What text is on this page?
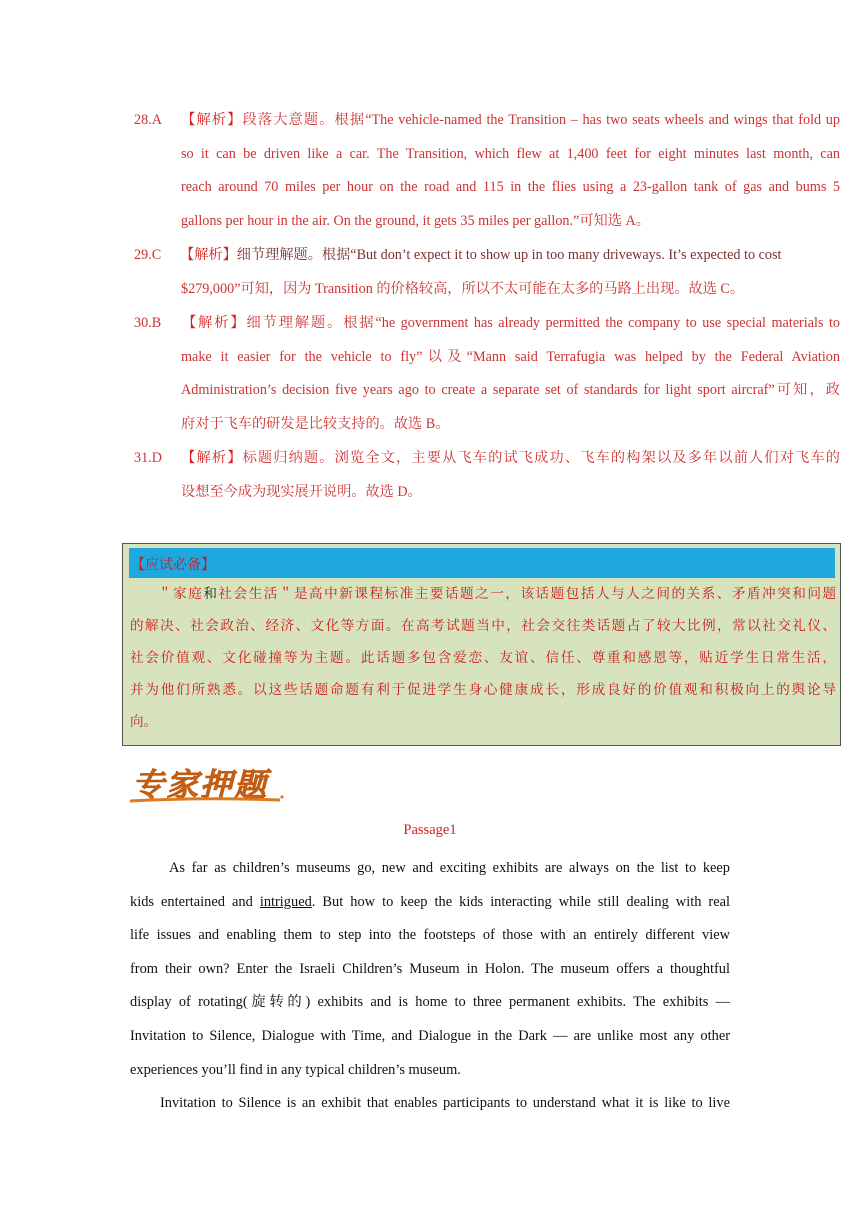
28.A 【解析】段落大意题。根据“The vehicle-named the Transition – has two seats wheels and wings that fold up
so it can be driven like a car. The Transition, which flew at 1,400 feet for eight minutes last month, can
reach around 70 miles per hour on the road and 115 in the flies using a 23-gallon tank of gas and bums 5
gallons per hour in the air. On the ground, it gets 35 miles per gallon.”可知选 A。
29.C 【解析】细节理解题。根据“But don’t expect it to show up in too many driveways. It’s expected to cost
$279,000”可知，因为 Transition 的价格较高，所以不太可能在太多的马路上出现。故选 C。
30.B 【解析】细节理解题。根据“he government has already permitted the company to use special materials to
make it easier for the vehicle to fly”以及“Mann said Terrafugia was helped by the Federal Aviation
Administration’s decision five years ago to create a separate set of standards for light sport aircraf”可知，政
府对于飞车的研发是比较支持的。故选 B。
31.D 【解析】标题归纳题。浏览全文，主要从飞车的试飞成功、飞车的构架以及多年以前人们对飞车的
设想至今成为现实展开说明。故选 D。
【应试必备】
＂家庭和社会生活＂是高中新课程标准主要话题之一，该话题包括人与人之间的关系、矛盾冲突和问题
的解决、社会政治、经济、文化等方面。在高考试题当中，社会交往类话题占了较大比例，常以社交礼仪、
社会价值观、文化碰撞等为主题。此话题多包含爱恋、友谊、信任、尊重和感恩等，贴近学生日常生活，
并为他们所熟悉。以这些话题命题有利于促进学生身心健康成长，形成良好的价值观和积极向上的舆论导
向。
专家押题
Passage1
As far as children’s museums go, new and exciting exhibits are always on the list to keep
kids entertained and intrigued. But how to keep the kids interacting while still dealing with real
life issues and enabling them to step into the footsteps of those with an entirely different view
from their own? Enter the Israeli Children’s Museum in Holon. The museum offers a thoughtful
display of rotating(旋转的) exhibits and is home to three permanent exhibits. The exhibits —
Invitation to Silence, Dialogue with Time, and Dialogue in the Dark — are unlike most any other
experiences you’ll find in any typical children’s museum.
Invitation to Silence is an exhibit that enables participants to understand what it is like to live
